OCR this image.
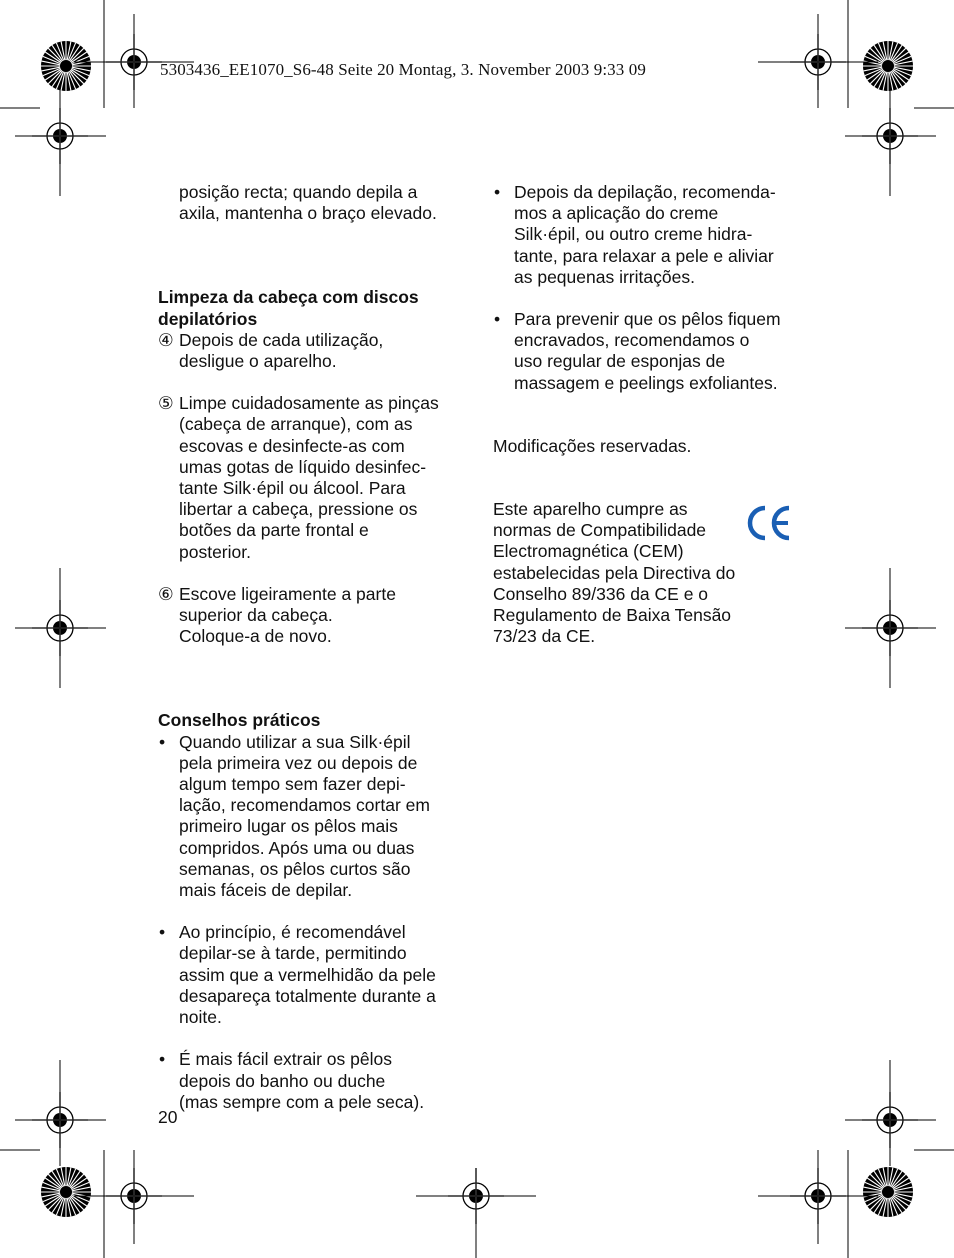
5303436_EE1070_S6-48 Seite 20 Montag, 3. November 2003 9:33 09

posição recta; quando depila a
axila, mantenha o braço elevado.

Limpeza da cabeça com discos
depilatórios

④ Depois de cada utilização,
desligue o aparelho.

⑤ Limpe cuidadosamente as pinças
(cabeça de arranque), com as
escovas e desinfecte-as com
umas gotas de líquido desinfec-
tante Silk·épil ou álcool. Para
libertar a cabeça, pressione os
botões da parte frontal e
posterior.

⑥ Escove ligeiramente a parte
superior da cabeça.
Coloque-a de novo.

Conselhos práticos

• Quando utilizar a sua Silk·épil
pela primeira vez ou depois de
algum tempo sem fazer depi-
lação, recomendamos cortar em
primeiro lugar os pêlos mais
compridos. Após uma ou duas
semanas, os pêlos curtos são
mais fáceis de depilar.

• Ao princípio, é recomendável
depilar-se à tarde, permitindo
assim que a vermelhidão da pele
desapareça totalmente durante a
noite.

• É mais fácil extrair os pêlos
depois do banho ou duche
(mas sempre com a pele seca).

• Depois da depilação, recomenda-
mos a aplicação do creme
Silk·épil, ou outro creme hidra-
tante, para relaxar a pele e aliviar
as pequenas irritações.

• Para prevenir que os pêlos fiquem
encravados, recomendamos o
uso regular de esponjas de
massagem e peelings exfoliantes.

Modificações reservadas.

Este aparelho cumpre as
normas de Compatibilidade
Electromagnética (CEM)
estabelecidas pela Directiva do
Conselho 89/336 da CE e o
Regulamento de Baixa Tensão
73/23 da CE.

20
